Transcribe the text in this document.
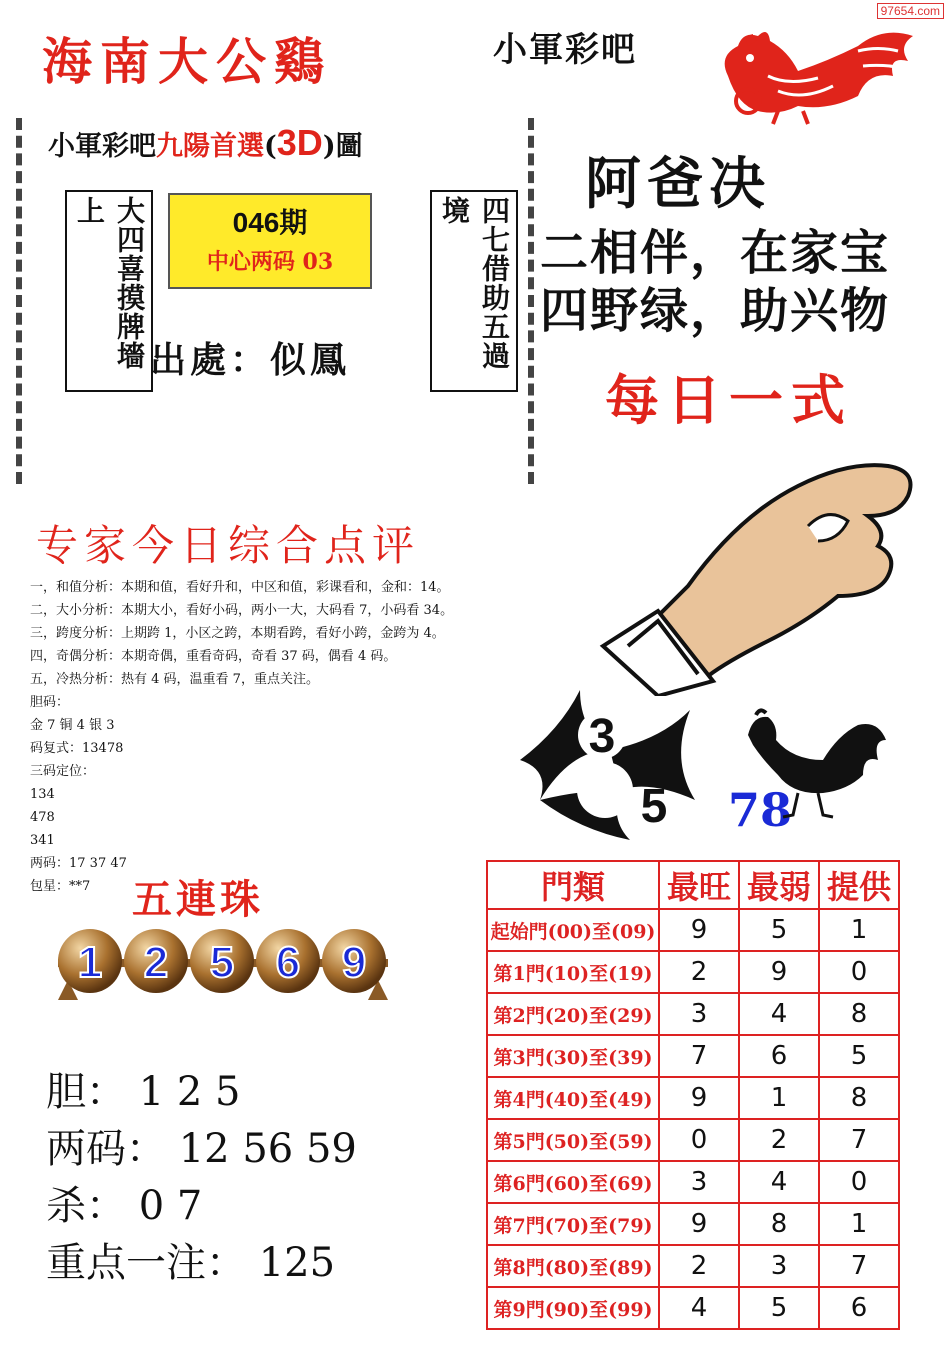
97654.com
海南大公鷄	小軍彩吧
小軍彩吧九陽首選(3D)圖
大四喜摸牌墻上	四七借助五過境
046期
中心两码 03
出處：似鳳
阿爸决
二相伴，在家宝
四野绿，助兴物
每日一式
专家今日综合点评
一，和值分析：本期和值，看好升和，中区和值，彩课看和，金和：14。
二，大小分析：本期大小，看好小码，两小一大，大码看 7，小码看 34。
三，跨度分析：上期跨 1，小区之跨，本期看跨，看好小跨，金跨为 4。
四，奇偶分析：本期奇偶，重看奇码，奇看 37 码，偶看 4 码。
五，冷热分析：热有 4 码，温重看 7，重点关注。
胆码：
金 7 铜 4 银 3
码复式：13478
三码定位：
134
478
341
两码：17 37 47
包星：**7	五連珠
1 2 5 6 9
胆： 1 2 5
两码： 12 56 59
杀： 0 7
重点一注： 125
3
5 78
門類	最旺	最弱	提供
起始門(00)至(09)	9	5	1
第1門(10)至(19)	2	9	0
第2門(20)至(29)	3	4	8
第3門(30)至(39)	7	6	5
第4門(40)至(49)	9	1	8
第5門(50)至(59)	0	2	7
第6門(60)至(69)	3	4	0
第7門(70)至(79)	9	8	1
第8門(80)至(89)	2	3	7
第9門(90)至(99)	4	5	6
